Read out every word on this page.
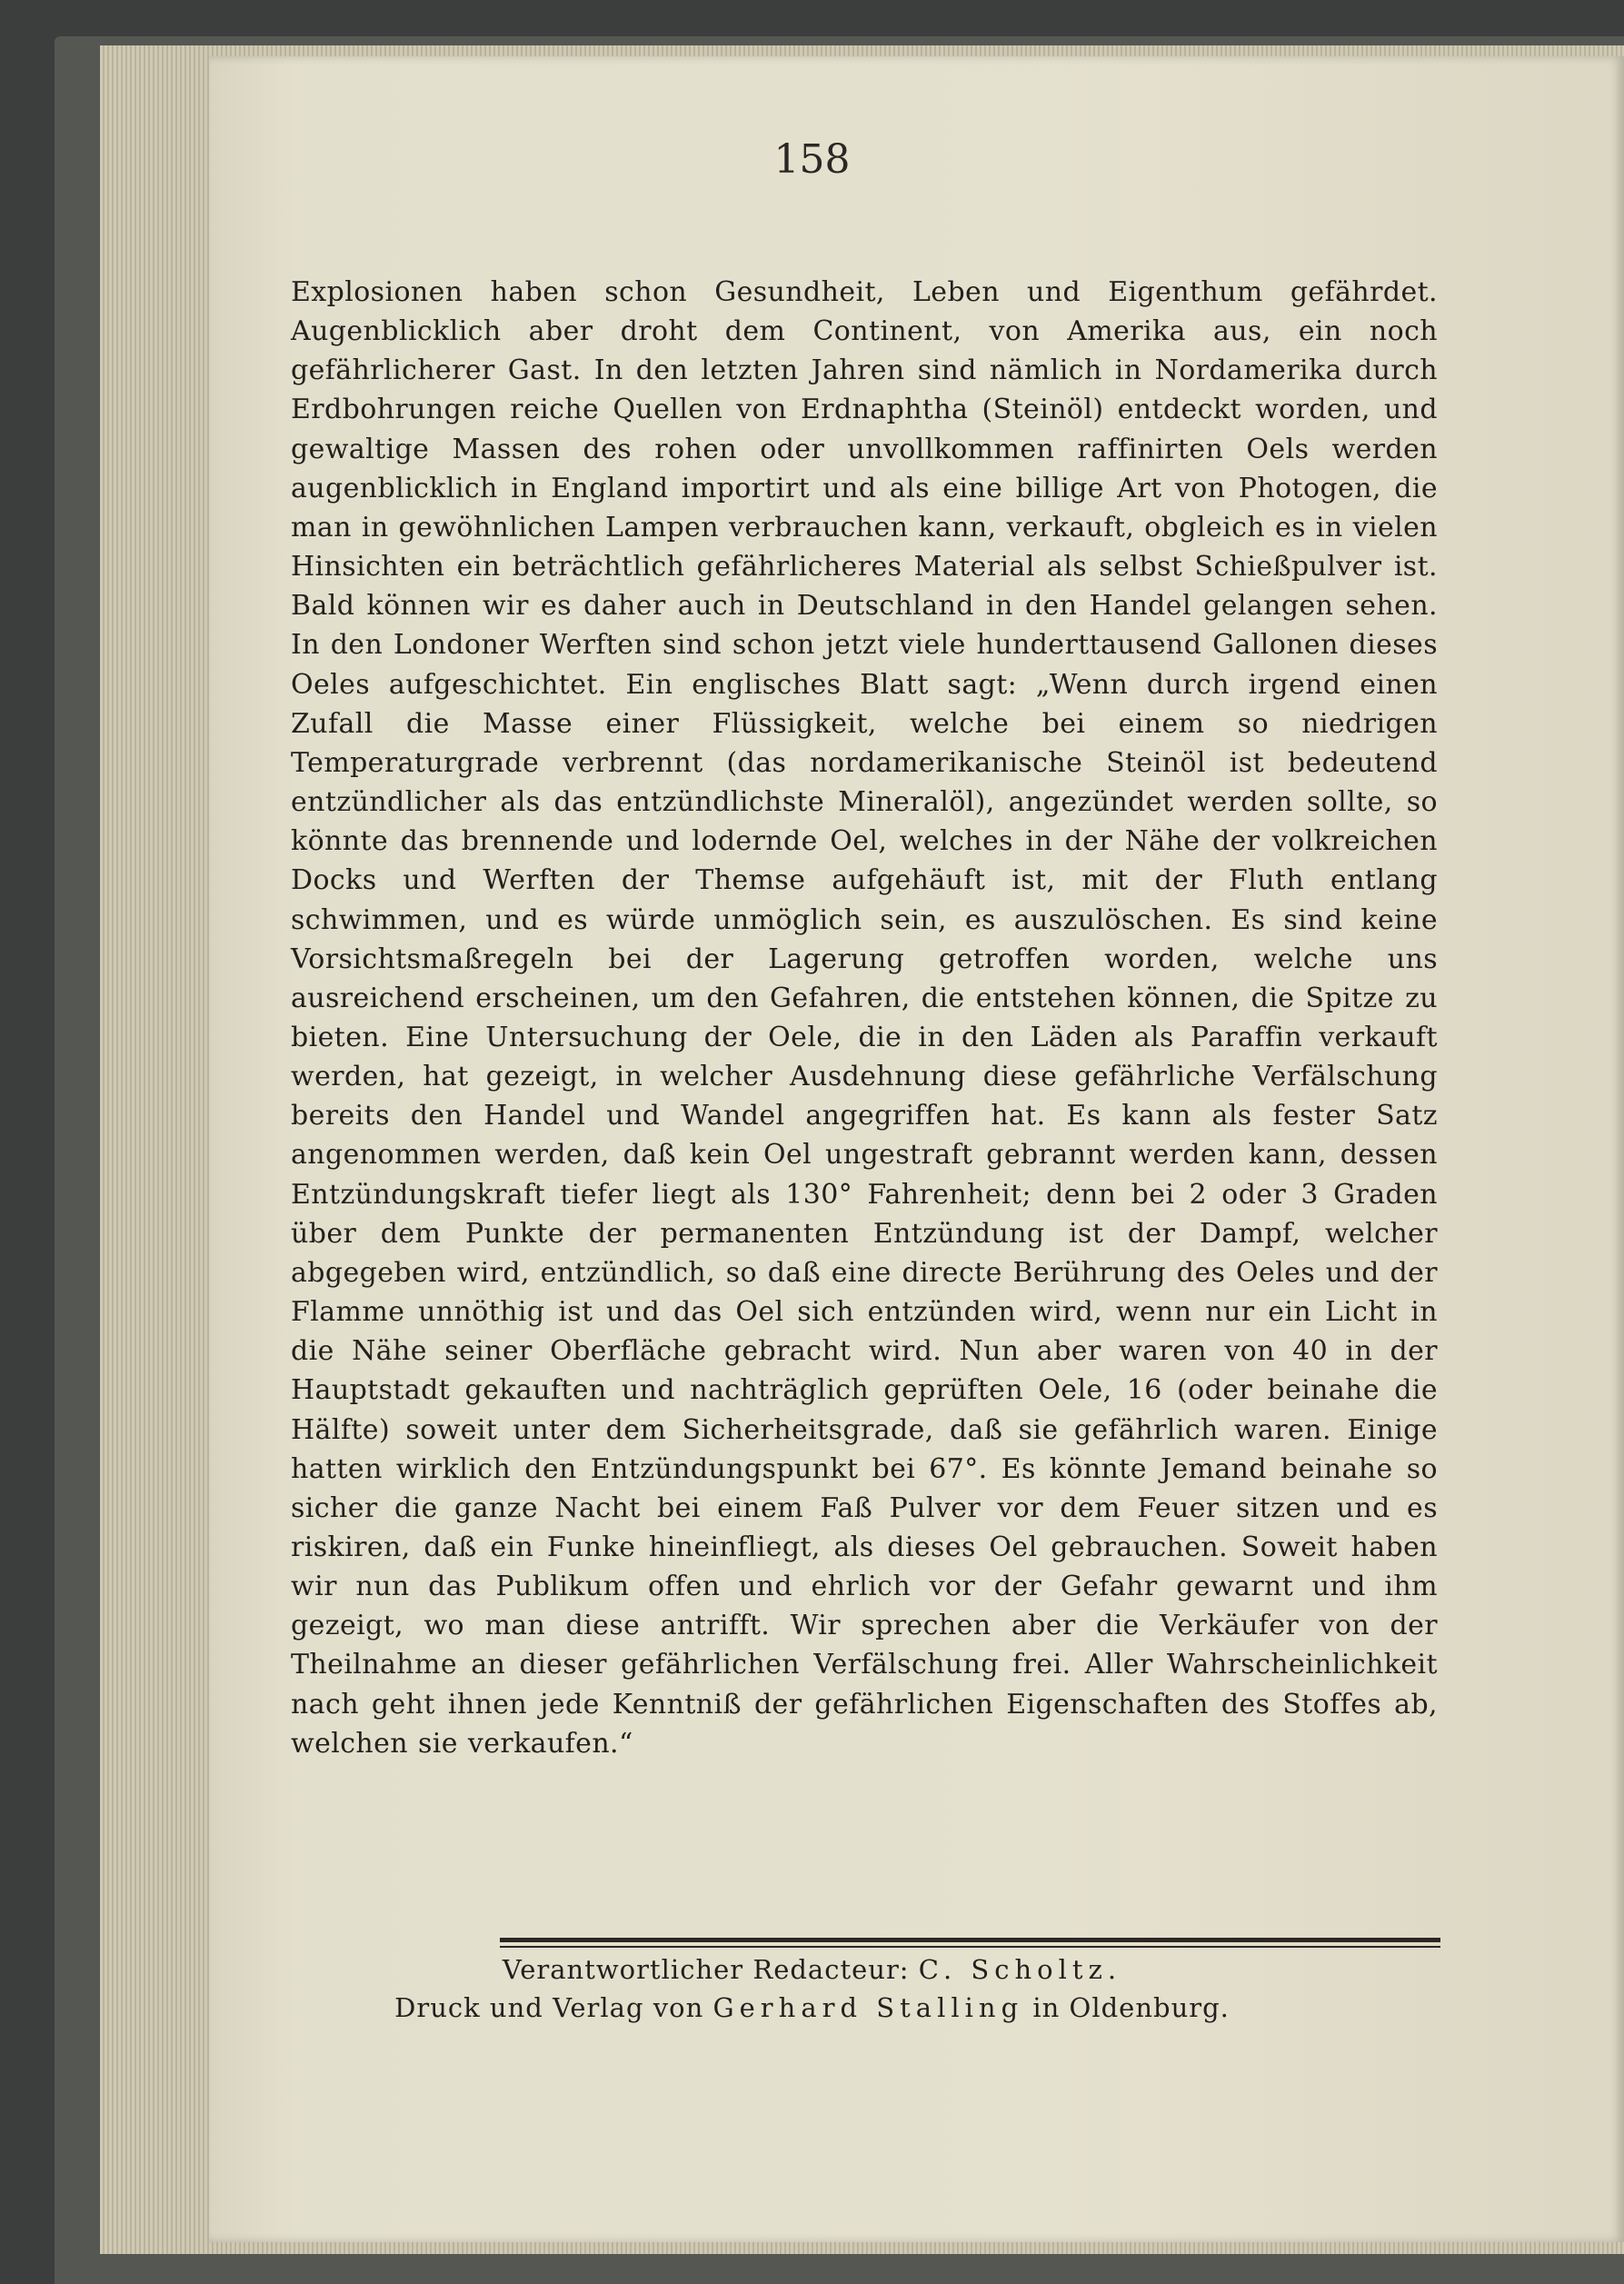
158

Explosionen haben schon Gesundheit, Leben und Eigenthum gefährdet. Augenblicklich aber droht dem Continent, von Amerika aus, ein noch gefährlicherer Gast. In den letzten Jahren sind nämlich in Nordamerika durch Erdbohrungen reiche Quellen von Erdnaphtha (Steinöl) entdeckt worden, und gewaltige Massen des rohen oder unvollkommen raffinirten Oels werden augenblicklich in England importirt und als eine billige Art von Photogen, die man in gewöhnlichen Lampen verbrauchen kann, verkauft, obgleich es in vielen Hinsichten ein beträchtlich gefährlicheres Material als selbst Schießpulver ist. Bald können wir es daher auch in Deutschland in den Handel gelangen sehen. In den Londoner Werften sind schon jetzt viele hunderttausend Gallonen dieses Oeles aufgeschichtet. Ein englisches Blatt sagt: „Wenn durch irgend einen Zufall die Masse einer Flüssigkeit, welche bei einem so niedrigen Temperaturgrade verbrennt (das nordamerikanische Steinöl ist bedeutend entzündlicher als das entzündlichste Mineralöl), angezündet werden sollte, so könnte das brennende und lodernde Oel, welches in der Nähe der volkreichen Docks und Werften der Themse aufgehäuft ist, mit der Fluth entlang schwimmen, und es würde unmöglich sein, es auszulöschen. Es sind keine Vorsichtsmaßregeln bei der Lagerung getroffen worden, welche uns ausreichend erscheinen, um den Gefahren, die entstehen können, die Spitze zu bieten. Eine Untersuchung der Oele, die in den Läden als Paraffin verkauft werden, hat gezeigt, in welcher Ausdehnung diese gefährliche Verfälschung bereits den Handel und Wandel angegriffen hat. Es kann als fester Satz angenommen werden, daß kein Oel ungestraft gebrannt werden kann, dessen Entzündungskraft tiefer liegt als 130° Fahrenheit; denn bei 2 oder 3 Graden über dem Punkte der permanenten Entzündung ist der Dampf, welcher abgegeben wird, entzündlich, so daß eine directe Berührung des Oeles und der Flamme unnöthig ist und das Oel sich entzünden wird, wenn nur ein Licht in die Nähe seiner Oberfläche gebracht wird. Nun aber waren von 40 in der Hauptstadt gekauften und nachträglich geprüften Oele, 16 (oder beinahe die Hälfte) soweit unter dem Sicherheitsgrade, daß sie gefährlich waren. Einige hatten wirklich den Entzündungspunkt bei 67°. Es könnte Jemand beinahe so sicher die ganze Nacht bei einem Faß Pulver vor dem Feuer sitzen und es riskiren, daß ein Funke hineinfliegt, als dieses Oel gebrauchen. Soweit haben wir nun das Publikum offen und ehrlich vor der Gefahr gewarnt und ihm gezeigt, wo man diese antrifft. Wir sprechen aber die Verkäufer von der Theilnahme an dieser gefährlichen Verfälschung frei. Aller Wahrscheinlichkeit nach geht ihnen jede Kenntniß der gefährlichen Eigenschaften des Stoffes ab, welchen sie verkaufen.“

Verantwortlicher Redacteur: C. Scholtz.
Druck und Verlag von Gerhard Stalling in Oldenburg.
